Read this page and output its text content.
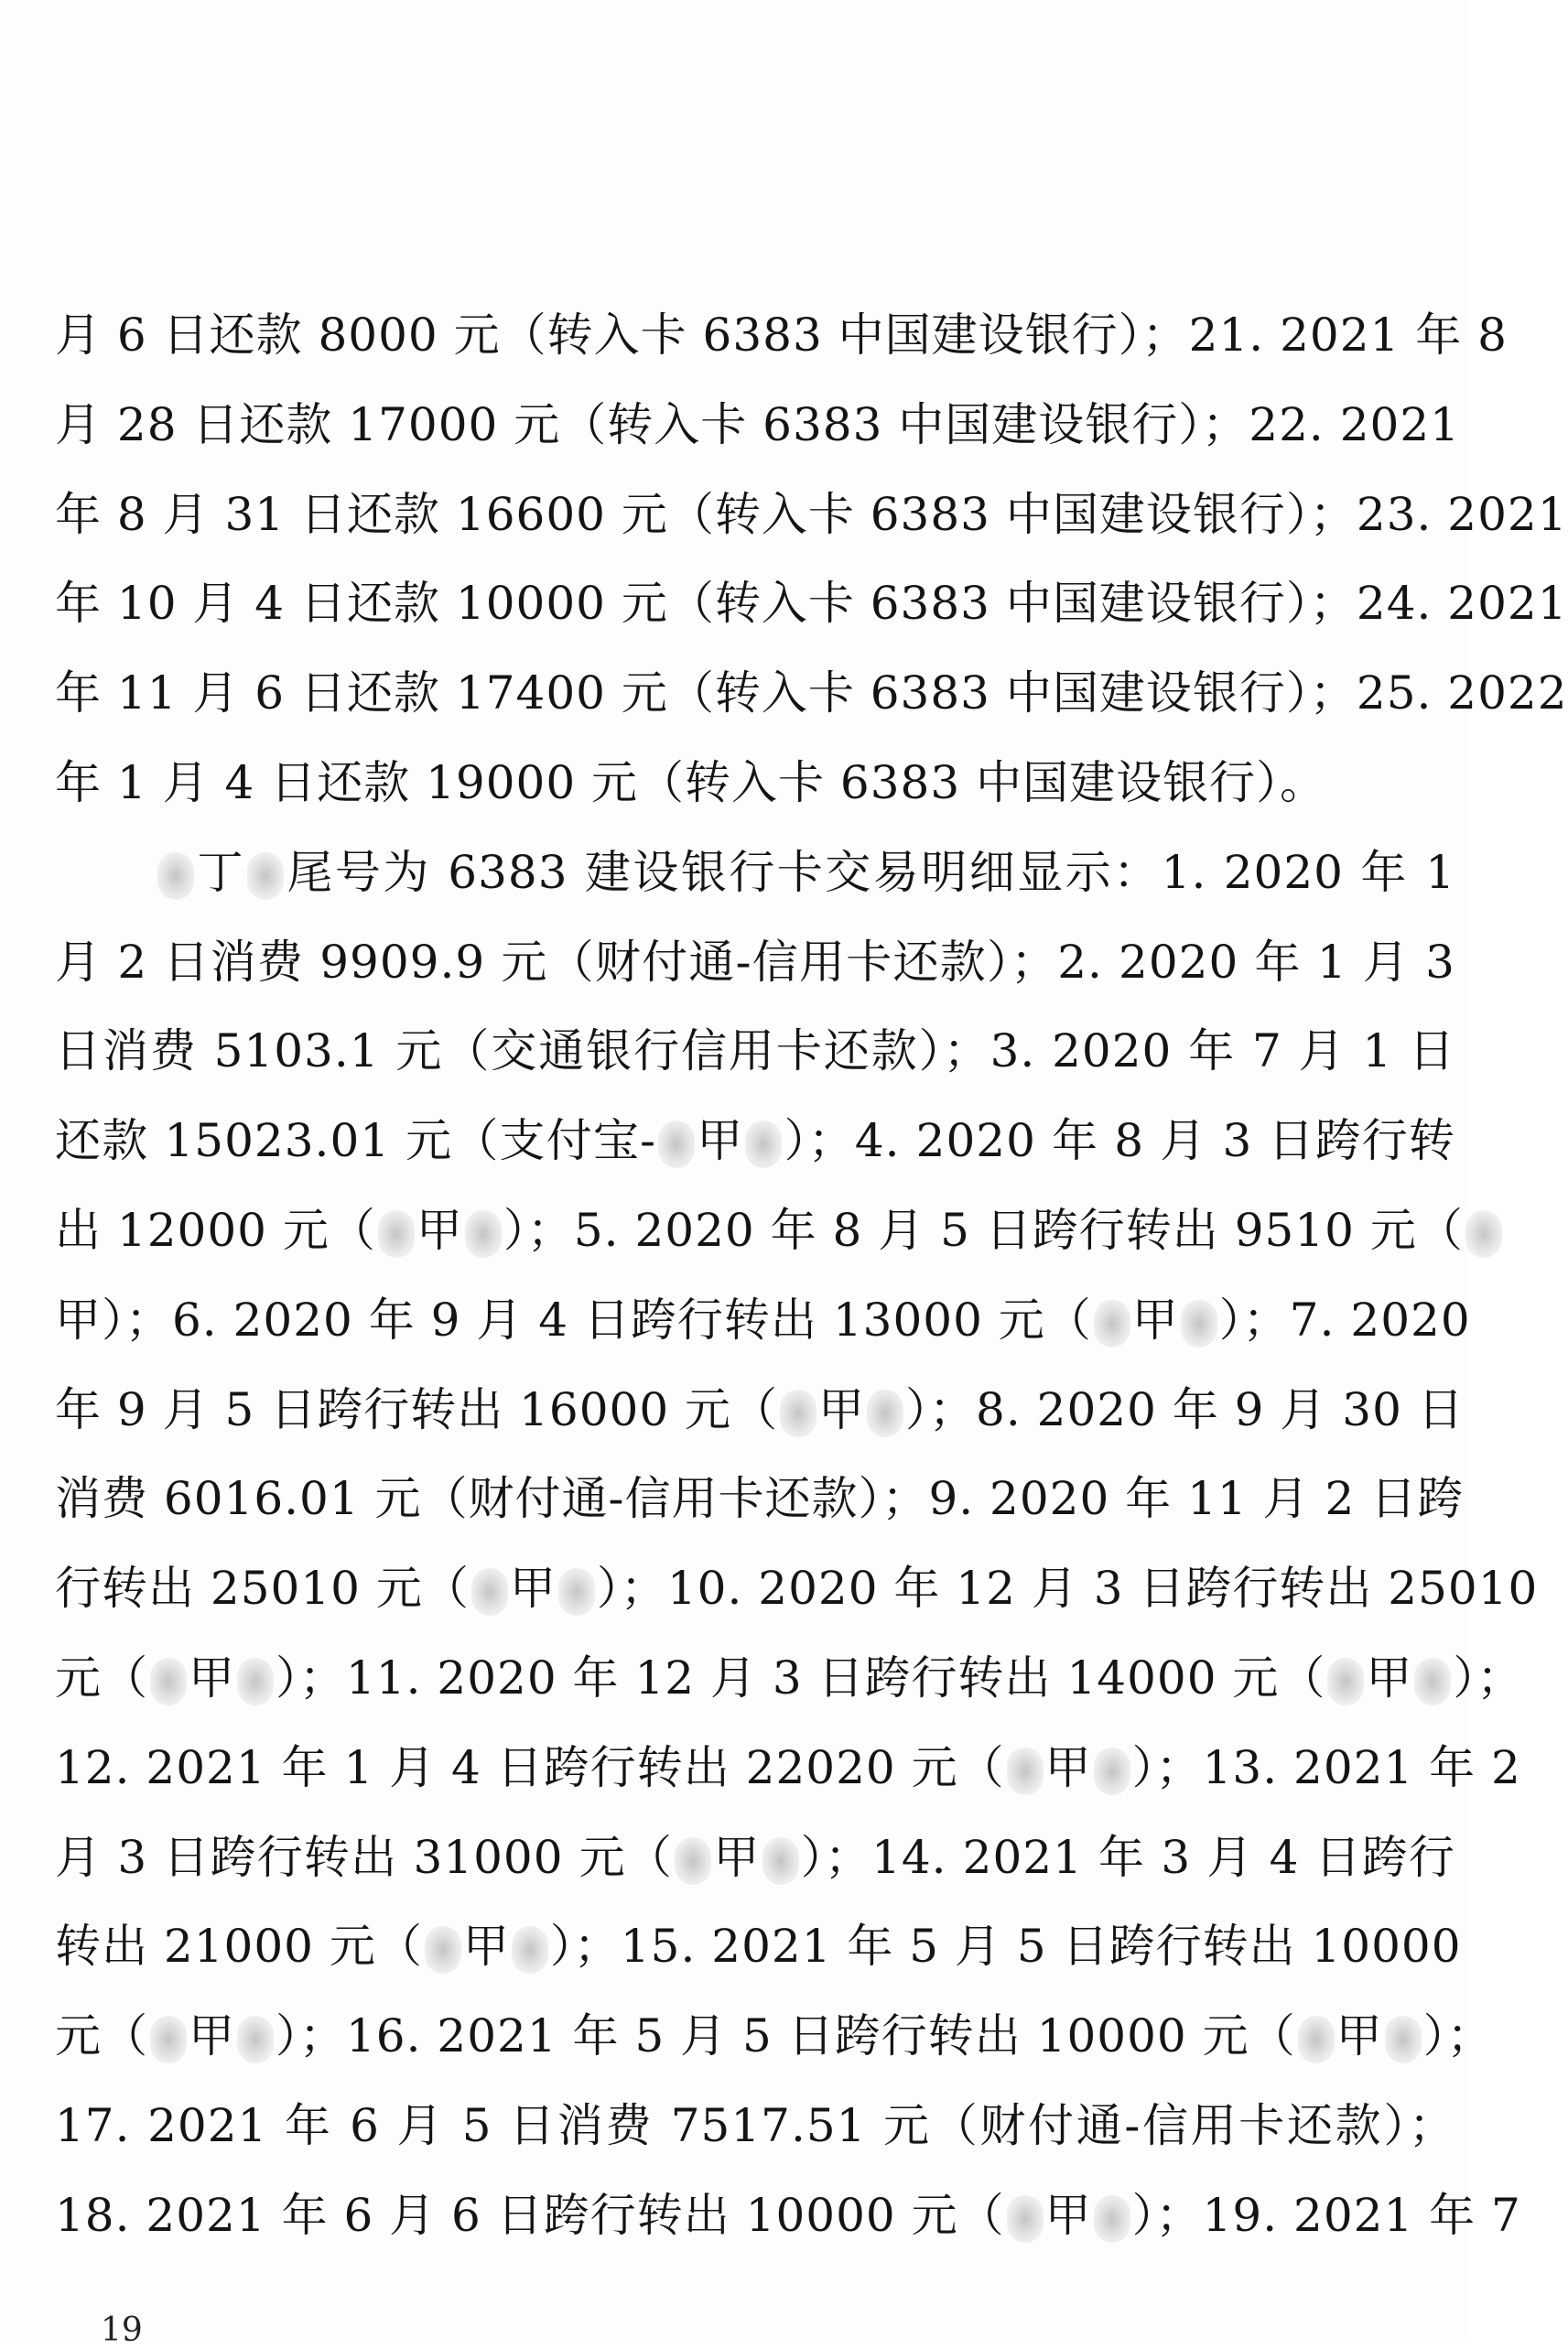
月 6 日还款 8000 元（转入卡 6383 中国建设银行）；21. 2021 年 8
月 28 日还款 17000 元（转入卡 6383 中国建设银行）；22. 2021
年 8 月 31 日还款 16600 元（转入卡 6383 中国建设银行）；23. 2021
年 10 月 4 日还款 10000 元（转入卡 6383 中国建设银行）；24. 2021
年 11 月 6 日还款 17400 元（转入卡 6383 中国建设银行）；25. 2022
年 1 月 4 日还款 19000 元（转入卡 6383 中国建设银行）。
丁 尾号为 6383 建设银行卡交易明细显示：1. 2020 年 1
月 2 日消费 9909.9 元（财付通-信用卡还款）；2. 2020 年 1 月 3
日消费 5103.1 元（交通银行信用卡还款）；3. 2020 年 7 月 1 日
还款 15023.01 元（支付宝- 甲 ）；4. 2020 年 8 月 3 日跨行转
出 12000 元（ 甲 ）；5. 2020 年 8 月 5 日跨行转出 9510 元（
甲）；6. 2020 年 9 月 4 日跨行转出 13000 元（ 甲 ）；7. 2020
年 9 月 5 日跨行转出 16000 元（ 甲 ）；8. 2020 年 9 月 30 日
消费 6016.01 元（财付通-信用卡还款）；9. 2020 年 11 月 2 日跨
行转出 25010 元（ 甲 ）；10. 2020 年 12 月 3 日跨行转出 25010
元（ 甲 ）；11. 2020 年 12 月 3 日跨行转出 14000 元（ 甲 ）；
12. 2021 年 1 月 4 日跨行转出 22020 元（ 甲 ）；13. 2021 年 2
月 3 日跨行转出 31000 元（ 甲 ）；14. 2021 年 3 月 4 日跨行
转出 21000 元（ 甲 ）；15. 2021 年 5 月 5 日跨行转出 10000
元（ 甲 ）；16. 2021 年 5 月 5 日跨行转出 10000 元（ 甲 ）；
17. 2021 年 6 月 5 日消费 7517.51 元（财付通-信用卡还款）；
18. 2021 年 6 月 6 日跨行转出 10000 元（ 甲 ）；19. 2021 年 7
19
